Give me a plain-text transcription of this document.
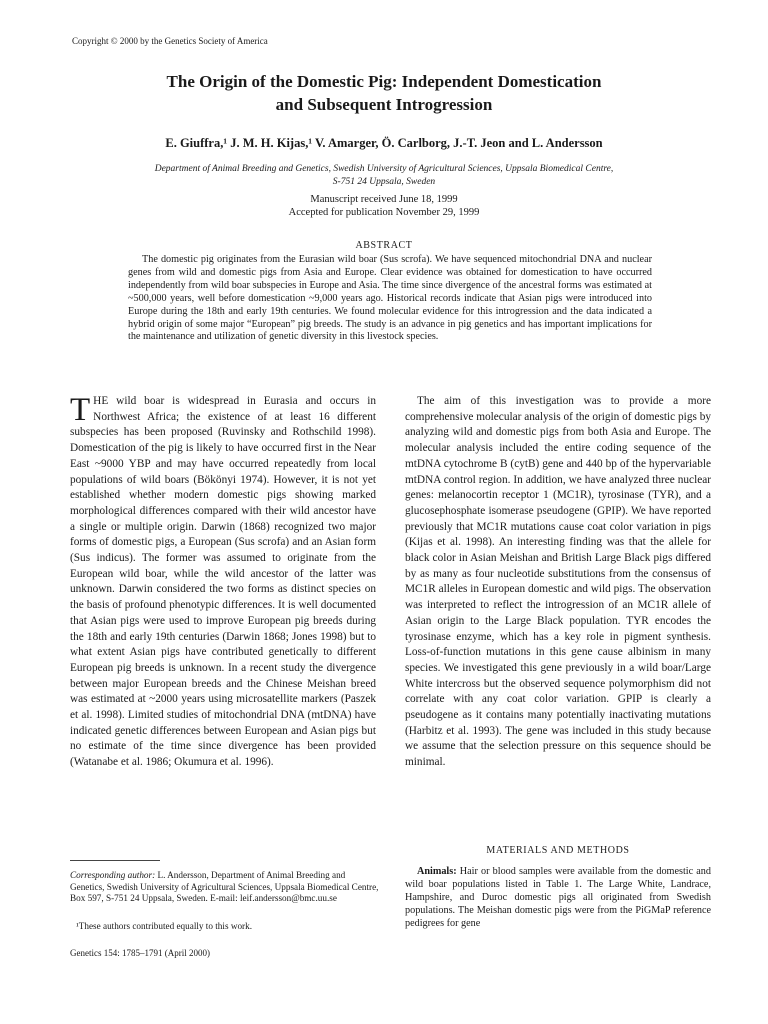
Copyright © 2000 by the Genetics Society of America
The Origin of the Domestic Pig: Independent Domestication
and Subsequent Introgression
E. Giuffra,¹ J. M. H. Kijas,¹ V. Amarger, Ö. Carlborg, J.-T. Jeon and L. Andersson
Department of Animal Breeding and Genetics, Swedish University of Agricultural Sciences, Uppsala Biomedical Centre,
S-751 24 Uppsala, Sweden
Manuscript received June 18, 1999
Accepted for publication November 29, 1999
ABSTRACT

The domestic pig originates from the Eurasian wild boar (Sus scrofa). We have sequenced mitochondrial DNA and nuclear genes from wild and domestic pigs from Asia and Europe. Clear evidence was obtained for domestication to have occurred independently from wild boar subspecies in Europe and Asia. The time since divergence of the ancestral forms was estimated at ~500,000 years, well before domestication ~9,000 years ago. Historical records indicate that Asian pigs were introduced into Europe during the 18th and early 19th centuries. We found molecular evidence for this introgression and the data indicated a hybrid origin of some major “European” pig breeds. The study is an advance in pig genetics and has important implications for the maintenance and utilization of genetic diversity in this livestock species.

THE wild boar is widespread in Eurasia and occurs in Northwest Africa; the existence of at least 16 different subspecies has been proposed (Ruvinsky and Rothschild 1998). Domestication of the pig is likely to have occurred first in the Near East ~9000 YBP and may have occurred repeatedly from local populations of wild boars (Bökönyi 1974). However, it is not yet established whether modern domestic pigs showing marked morphological differences compared with their wild ancestor have a single or multiple origin. Darwin (1868) recognized two major forms of domestic pigs, a European (Sus scrofa) and an Asian form (Sus indicus). The former was assumed to originate from the European wild boar, while the wild ancestor of the latter was unknown. Darwin considered the two forms as distinct species on the basis of profound phenotypic differences. It is well documented that Asian pigs were used to improve European pig breeds during the 18th and early 19th centuries (Darwin 1868; Jones 1998) but to what extent Asian pigs have contributed genetically to different European pig breeds is unknown. In a recent study the divergence between major European breeds and the Chinese Meishan breed was estimated at ~2000 years using microsatellite markers (Paszek et al. 1998). Limited studies of mitochondrial DNA (mtDNA) have indicated genetic differences between European and Asian pigs but no estimate of the time since divergence has been provided (Watanabe et al. 1986; Okumura et al. 1996).

The aim of this investigation was to provide a more comprehensive molecular analysis of the origin of domestic pigs by analyzing wild and domestic pigs from both Asia and Europe. The molecular analysis included the entire coding sequence of the mtDNA cytochrome B (cytB) gene and 440 bp of the hypervariable mtDNA control region. In addition, we have analyzed three nuclear genes: melanocortin receptor 1 (MC1R), tyrosinase (TYR), and a glucosephosphate isomerase pseudogene (GPIP). We have reported previously that MC1R mutations cause coat color variation in pigs (Kijas et al. 1998). An interesting finding was that the allele for black color in Asian Meishan and British Large Black pigs differed by as many as four nucleotide substitutions from the consensus of MC1R alleles in European domestic and wild pigs. The observation was interpreted to reflect the introgression of an MC1R allele of Asian origin to the Large Black population. TYR encodes the tyrosinase enzyme, which has a key role in pigment synthesis. Loss-of-function mutations in this gene cause albinism in many species. We investigated this gene previously in a wild boar/Large White intercross but the observed sequence polymorphism did not correlate with any coat color variation. GPIP is clearly a pseudogene as it contains many potentially inactivating mutations (Harbitz et al. 1993). The gene was included in this study because we assume that the selection pressure on this sequence should be minimal.

MATERIALS AND METHODS

Animals: Hair or blood samples were available from the domestic and wild boar populations listed in Table 1. The Large White, Landrace, Hampshire, and Duroc domestic pigs all originated from Swedish populations. The Meishan domestic pigs were from the PiGMaP reference pedigrees for gene

Corresponding author: L. Andersson, Department of Animal Breeding and Genetics, Swedish University of Agricultural Sciences, Uppsala Biomedical Centre, Box 597, S-751 24 Uppsala, Sweden. E-mail: leif.andersson@bmc.uu.se

¹These authors contributed equally to this work.

Genetics 154: 1785–1791 (April 2000)
